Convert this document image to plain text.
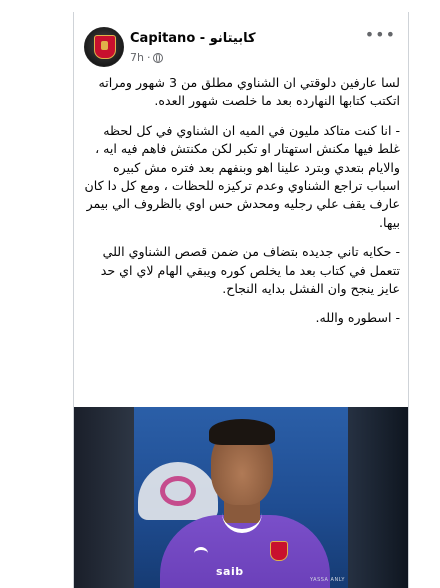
Capitano - كابيتانو
7h ·
•••

لسا عارفين دلوقتي ان الشناوي مطلق من 3 شهور ومراته اتكتب كتابها النهارده بعد ما خلصت شهور العده.

- انا كنت متاكد مليون في الميه ان الشناوي في كل لحظه غلط فيها مكنش استهتار او تكبر لكن مكنتش فاهم فيه ايه ، والايام بتعدي وبترد علينا اهو وبنفهم بعد فتره مش كبيره اسباب تراجع الشناوي وعدم تركيزه للحظات ، ومع كل دا كان عارف يقف علي رجليه ومحدش حس اوي بالظروف الي بيمر بيها.

- حكايه تاني جديده بتضاف من ضمن قصص الشناوي اللي تتعمل في كتاب بعد ما يخلص كوره ويبقي الهام لاي اي حد عايز ينجح وان الفشل بدايه النجاح.

- اسطوره والله.

saib
YASSA ANLY
